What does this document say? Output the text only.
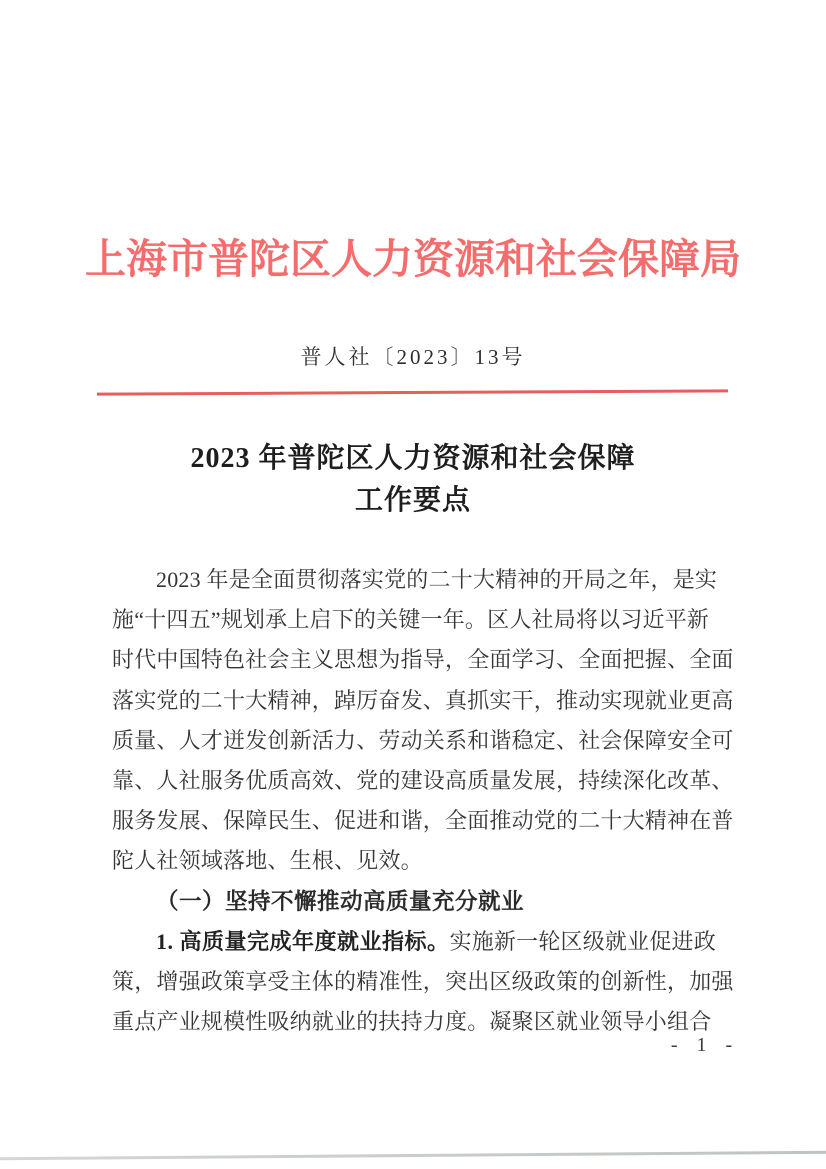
上海市普陀区人力资源和社会保障局
普人社〔2023〕13号
2023 年普陀区人力资源和社会保障
工作要点
2023 年是全面贯彻落实党的二十大精神的开局之年，是实
施“十四五”规划承上启下的关键一年。区人社局将以习近平新
时代中国特色社会主义思想为指导，全面学习、全面把握、全面
落实党的二十大精神，踔厉奋发、真抓实干，推动实现就业更高
质量、人才迸发创新活力、劳动关系和谐稳定、社会保障安全可
靠、人社服务优质高效、党的建设高质量发展，持续深化改革、
服务发展、保障民生、促进和谐，全面推动党的二十大精神在普
陀人社领域落地、生根、见效。
（一）坚持不懈推动高质量充分就业
1. 高质量完成年度就业指标。实施新一轮区级就业促进政
策，增强政策享受主体的精准性，突出区级政策的创新性，加强
重点产业规模性吸纳就业的扶持力度。凝聚区就业领导小组合
- 1 -
